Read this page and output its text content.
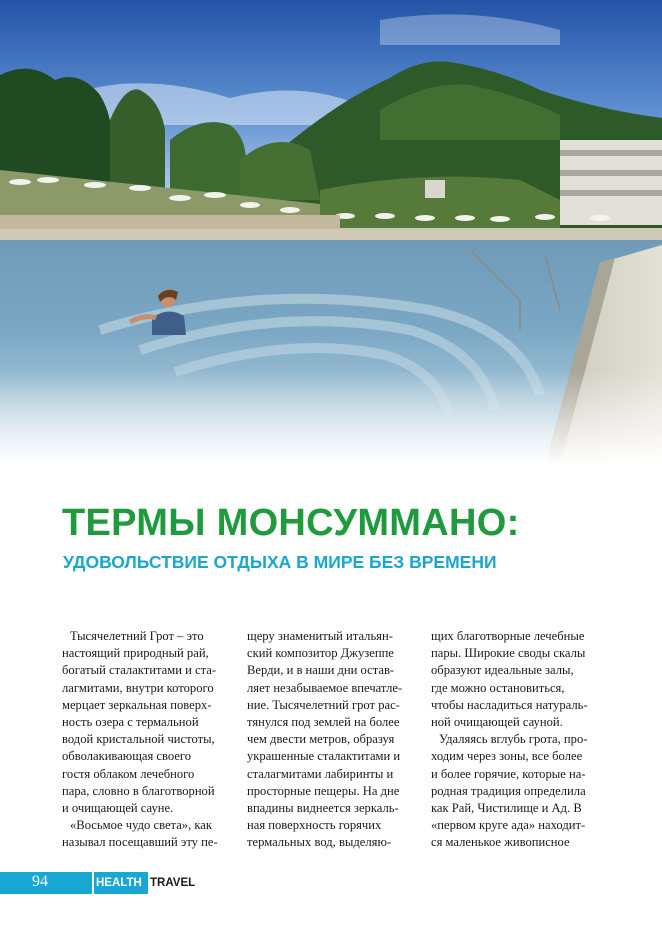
ТЕРМЫ МОНСУММАНО:
УДОВОЛЬСТВИЕ ОТДЫХА В МИРЕ БЕЗ ВРЕМЕНИ
Тысячелетний Грот – это
настоящий природный рай,
богатый сталактитами и ста-
лагмитами, внутри которого
мерцает зеркальная поверх-
ность озера с термальной
водой кристальной чистоты,
обволакивающая своего
гостя облаком лечебного
пара, словно в благотворной
и очищающей сауне.
«Восьмое чудо света», как
называл посещавший эту пе-
щеру знаменитый итальян-
ский композитор Джузеппе
Верди, и в наши дни остав-
ляет незабываемое впечатле-
ние. Тысячелетний грот рас-
тянулся под землей на более
чем двести метров, образуя
украшенные сталактитами и
сталагмитами лабиринты и
просторные пещеры. На дне
впадины виднеется зеркаль-
ная поверхность горячих
термальных вод, выделяю-
щих благотворные лечебные
пары. Широкие своды скалы
образуют идеальные залы,
где можно остановиться,
чтобы насладиться натураль-
ной очищающей сауной.
Удаляясь вглубь грота, про-
ходим через зоны, все более
и более горячие, которые на-
родная традиция определила
как Рай, Чистилище и Ад. В
«первом круге ада» находит-
ся маленькое живописное
94	HEALTH TRAVEL
